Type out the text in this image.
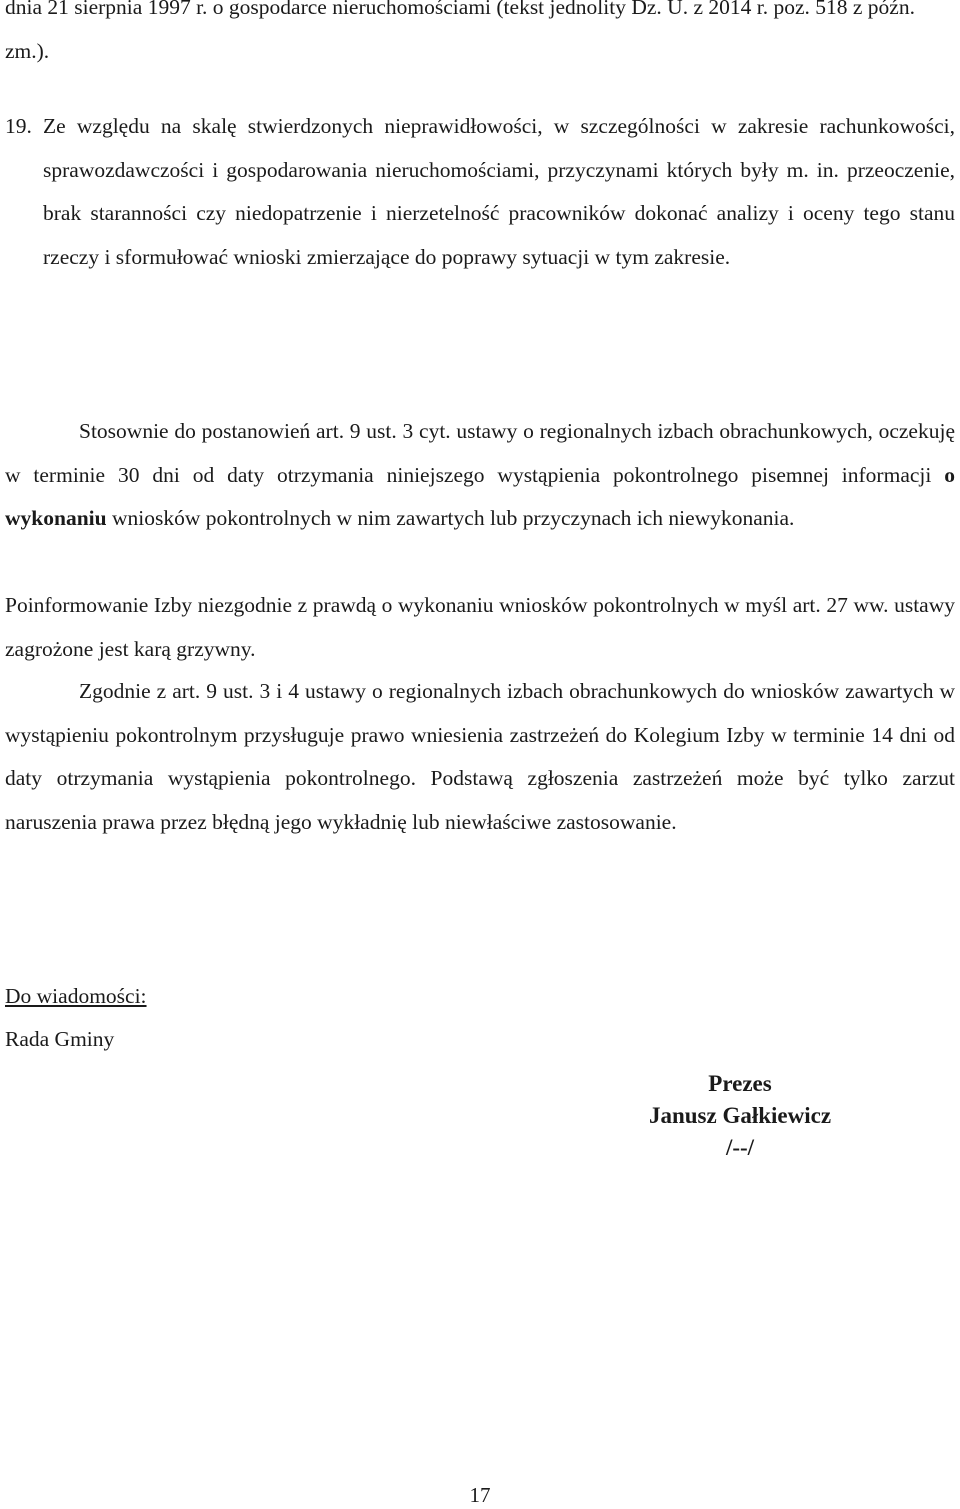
dnia 21 sierpnia 1997 r. o gospodarce nieruchomościami (tekst jednolity Dz. U. z 2014 r. poz. 518 z późn. zm.).

19. Ze względu na skalę stwierdzonych nieprawidłowości, w szczególności w zakresie rachunkowości, sprawozdawczości i gospodarowania nieruchomościami, przyczynami których były m. in. przeoczenie, brak staranności czy niedopatrzenie i nierzetelność pracowników dokonać analizy i oceny tego stanu rzeczy i sformułować wnioski zmierzające do poprawy sytuacji w tym zakresie.

Stosownie do postanowień art. 9 ust. 3 cyt. ustawy o regionalnych izbach obrachunkowych, oczekuję w terminie 30 dni od daty otrzymania niniejszego wystąpienia pokontrolnego pisemnej informacji o wykonaniu wniosków pokontrolnych w nim zawartych lub przyczynach ich niewykonania.

Poinformowanie Izby niezgodnie z prawdą o wykonaniu wniosków pokontrolnych w myśl art. 27 ww. ustawy zagrożone jest karą grzywny.

Zgodnie z art. 9 ust. 3 i 4 ustawy o regionalnych izbach obrachunkowych do wniosków zawartych w wystąpieniu pokontrolnym przysługuje prawo wniesienia zastrzeżeń do Kolegium Izby w terminie 14 dni od daty otrzymania wystąpienia pokontrolnego. Podstawą zgłoszenia zastrzeżeń może być tylko zarzut naruszenia prawa przez błędną jego wykładnię lub niewłaściwe zastosowanie.

Do wiadomości:

Rada Gminy

Prezes
Janusz Gałkiewicz
/--/
17
